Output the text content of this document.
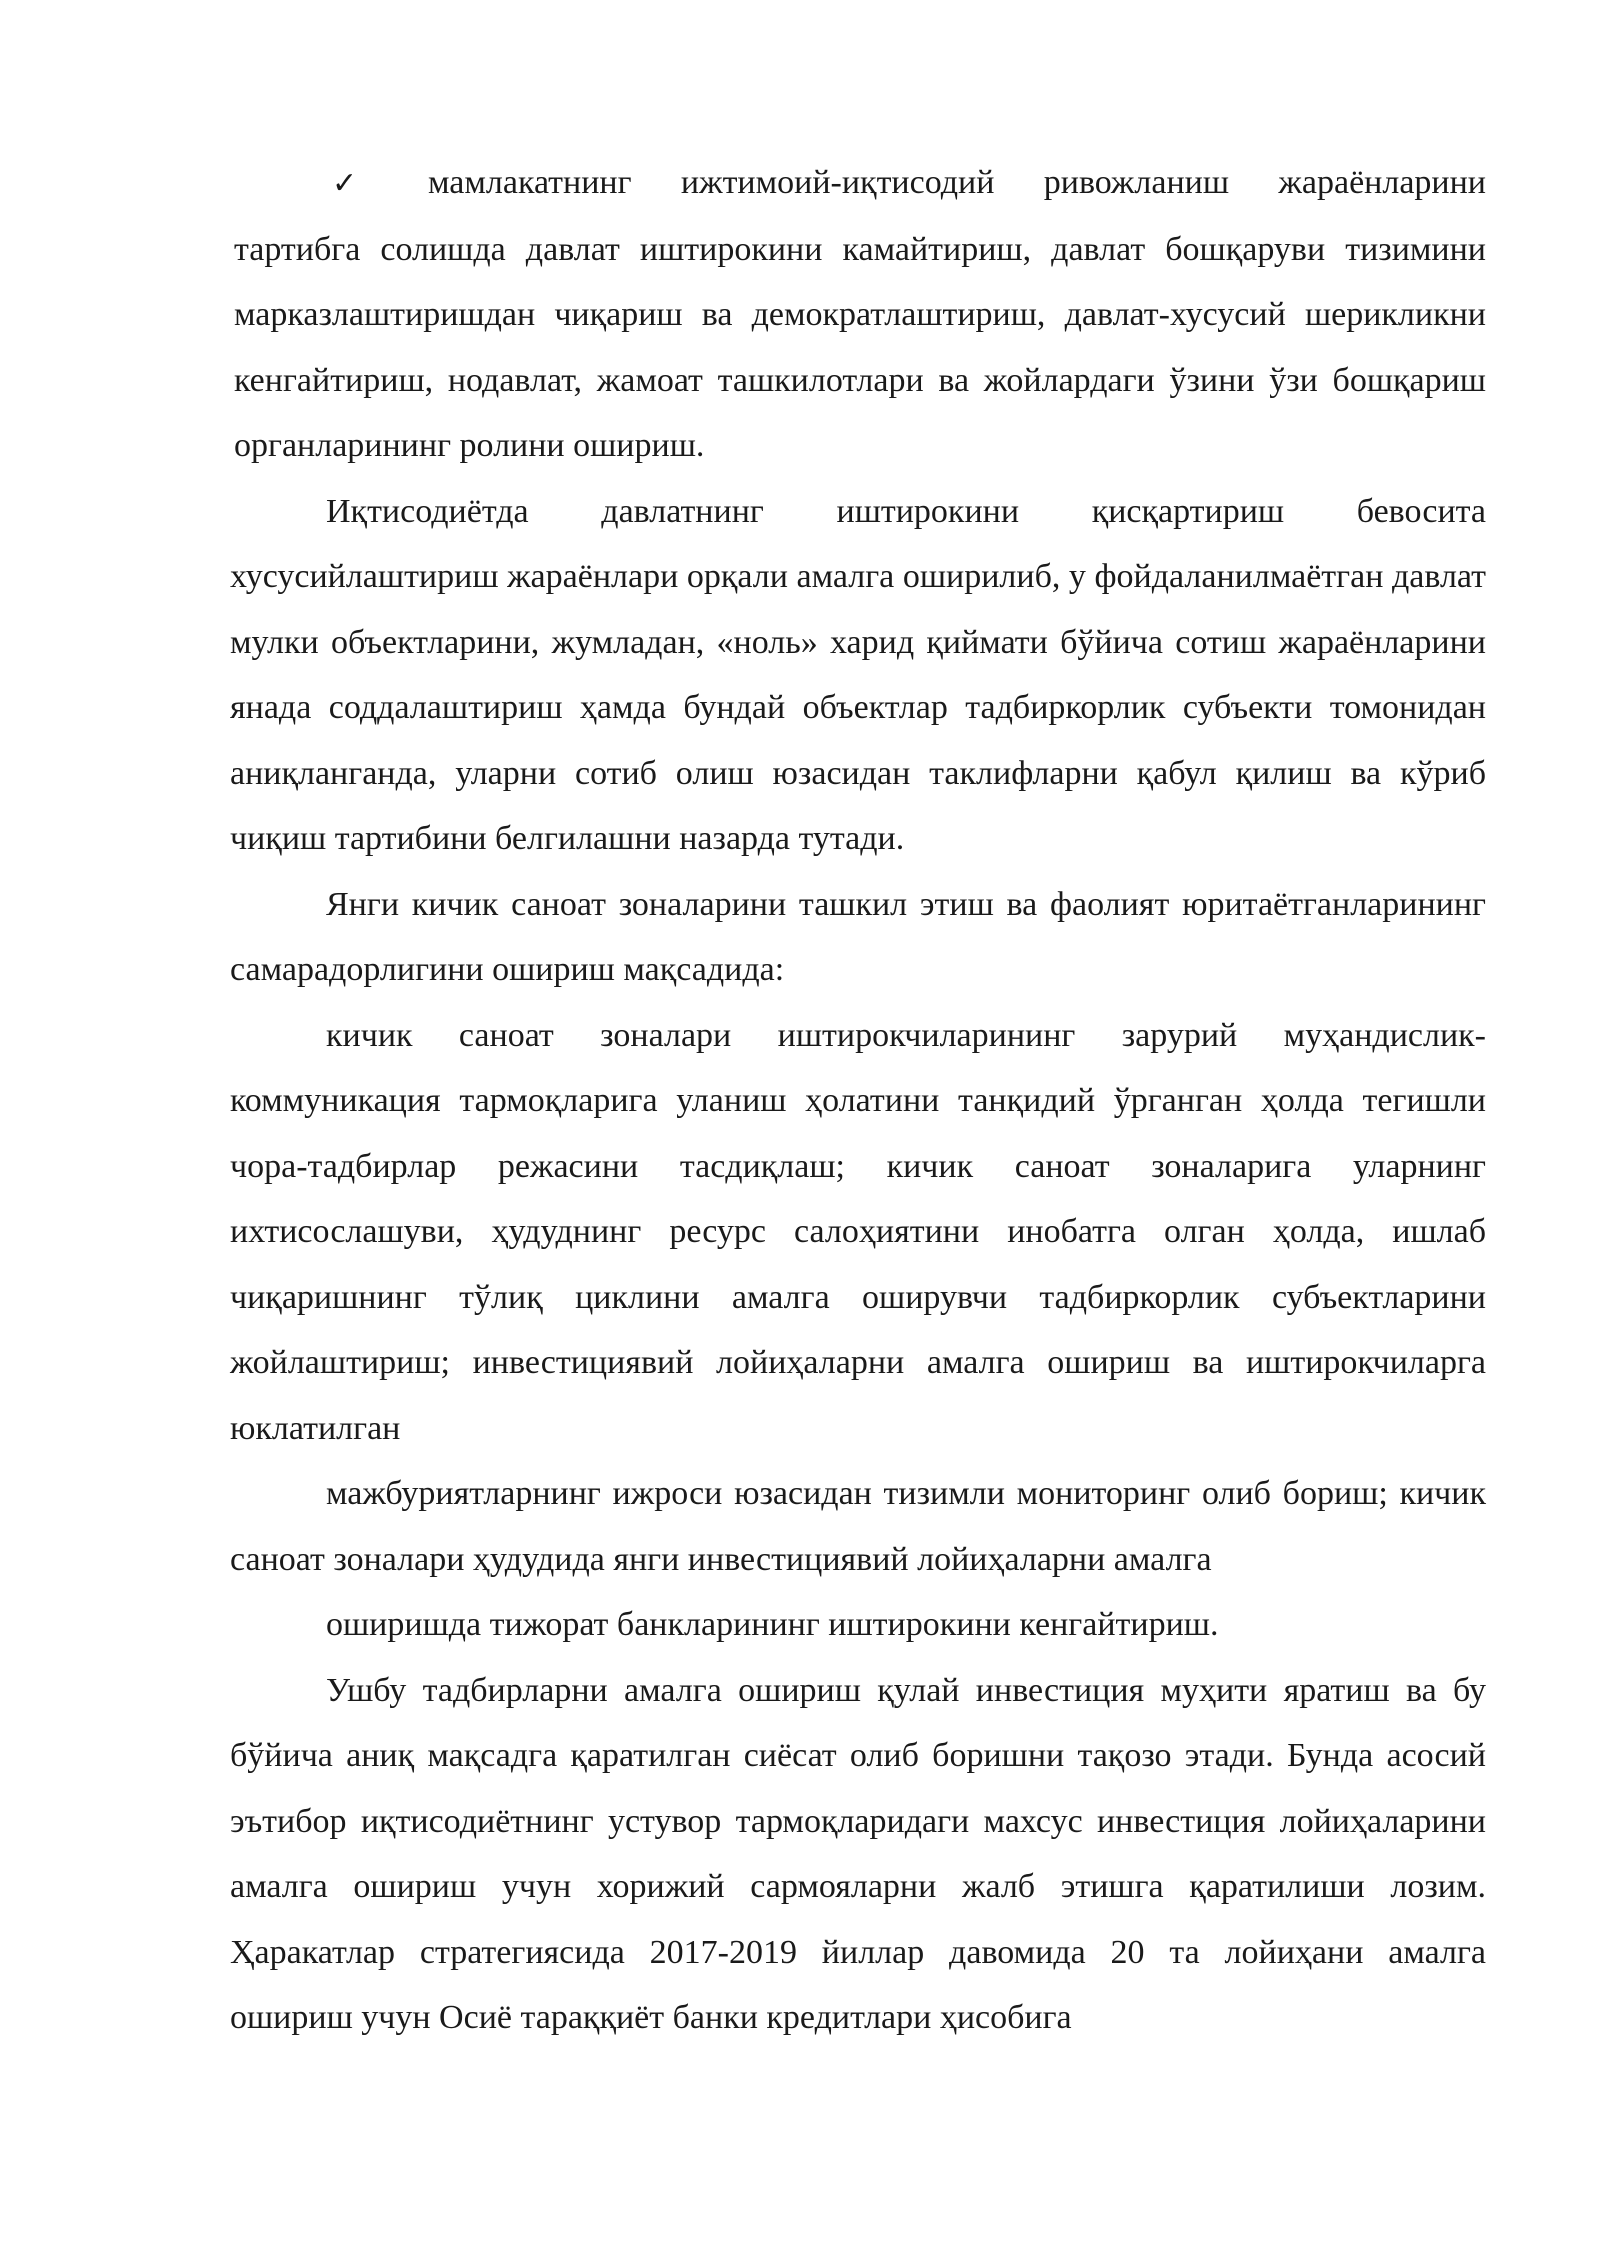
✓ мамлакатнинг ижтимоий-иқтисодий ривожланиш жараёнларини
тартибга солишда давлат иштирокини камайтириш, давлат бошқаруви тизимини марказлаштиришдан чиқариш ва демократлаштириш, давлат-хусусий шерикликни кенгайтириш, нодавлат, жамоат ташкилотлари ва жойлардаги ўзини ўзи бошқариш органларининг ролини ошириш.

Иқтисодиётда давлатнинг иштирокини қисқартириш бевосита хусусийлаштириш жараёнлари орқали амалга оширилиб, у фойдаланилмаётган давлат мулки объектларини, жумладан, «ноль» харид қиймати бўйича сотиш жараёнларини янада соддалаштириш ҳамда бундай объектлар тадбиркорлик субъекти томонидан аниқланганда, уларни сотиб олиш юзасидан таклифларни қабул қилиш ва кўриб чиқиш тартибини белгилашни назарда тутади.

Янги кичик саноат зоналарини ташкил этиш ва фаолият юритаётганларининг самарадорлигини ошириш мақсадида:

кичик саноат зоналари иштирокчиларининг зарурий муҳандислик-коммуникация тармоқларига уланиш ҳолатини танқидий ўрганган ҳолда тегишли чора-тадбирлар режасини тасдиқлаш; кичик саноат зоналарига уларнинг ихтисослашуви, ҳудуднинг ресурс салоҳиятини инобатга олган ҳолда, ишлаб чиқаришнинг тўлиқ циклини амалга оширувчи тадбиркорлик субъектларини жойлаштириш; инвестициявий лойиҳаларни амалга ошириш ва иштирокчиларга юклатилган

мажбуриятларнинг ижроси юзасидан тизимли мониторинг олиб бориш; кичик саноат зоналари ҳудудида янги инвестициявий лойиҳаларни амалга

оширишда тижорат банкларининг иштирокини кенгайтириш.

Ушбу тадбирларни амалга ошириш қулай инвестиция муҳити яратиш ва бу бўйича аниқ мақсадга қаратилган сиёсат олиб боришни тақозо этади. Бунда асосий эътибор иқтисодиётнинг устувор тармоқларидаги махсус инвестиция лойиҳаларини амалга ошириш учун хорижий сармояларни жалб этишга қаратилиши лозим. Ҳаракатлар стратегиясида 2017-2019 йиллар давомида 20 та лойиҳани амалга ошириш учун Осиё тараққиёт банки кредитлари ҳисобига
